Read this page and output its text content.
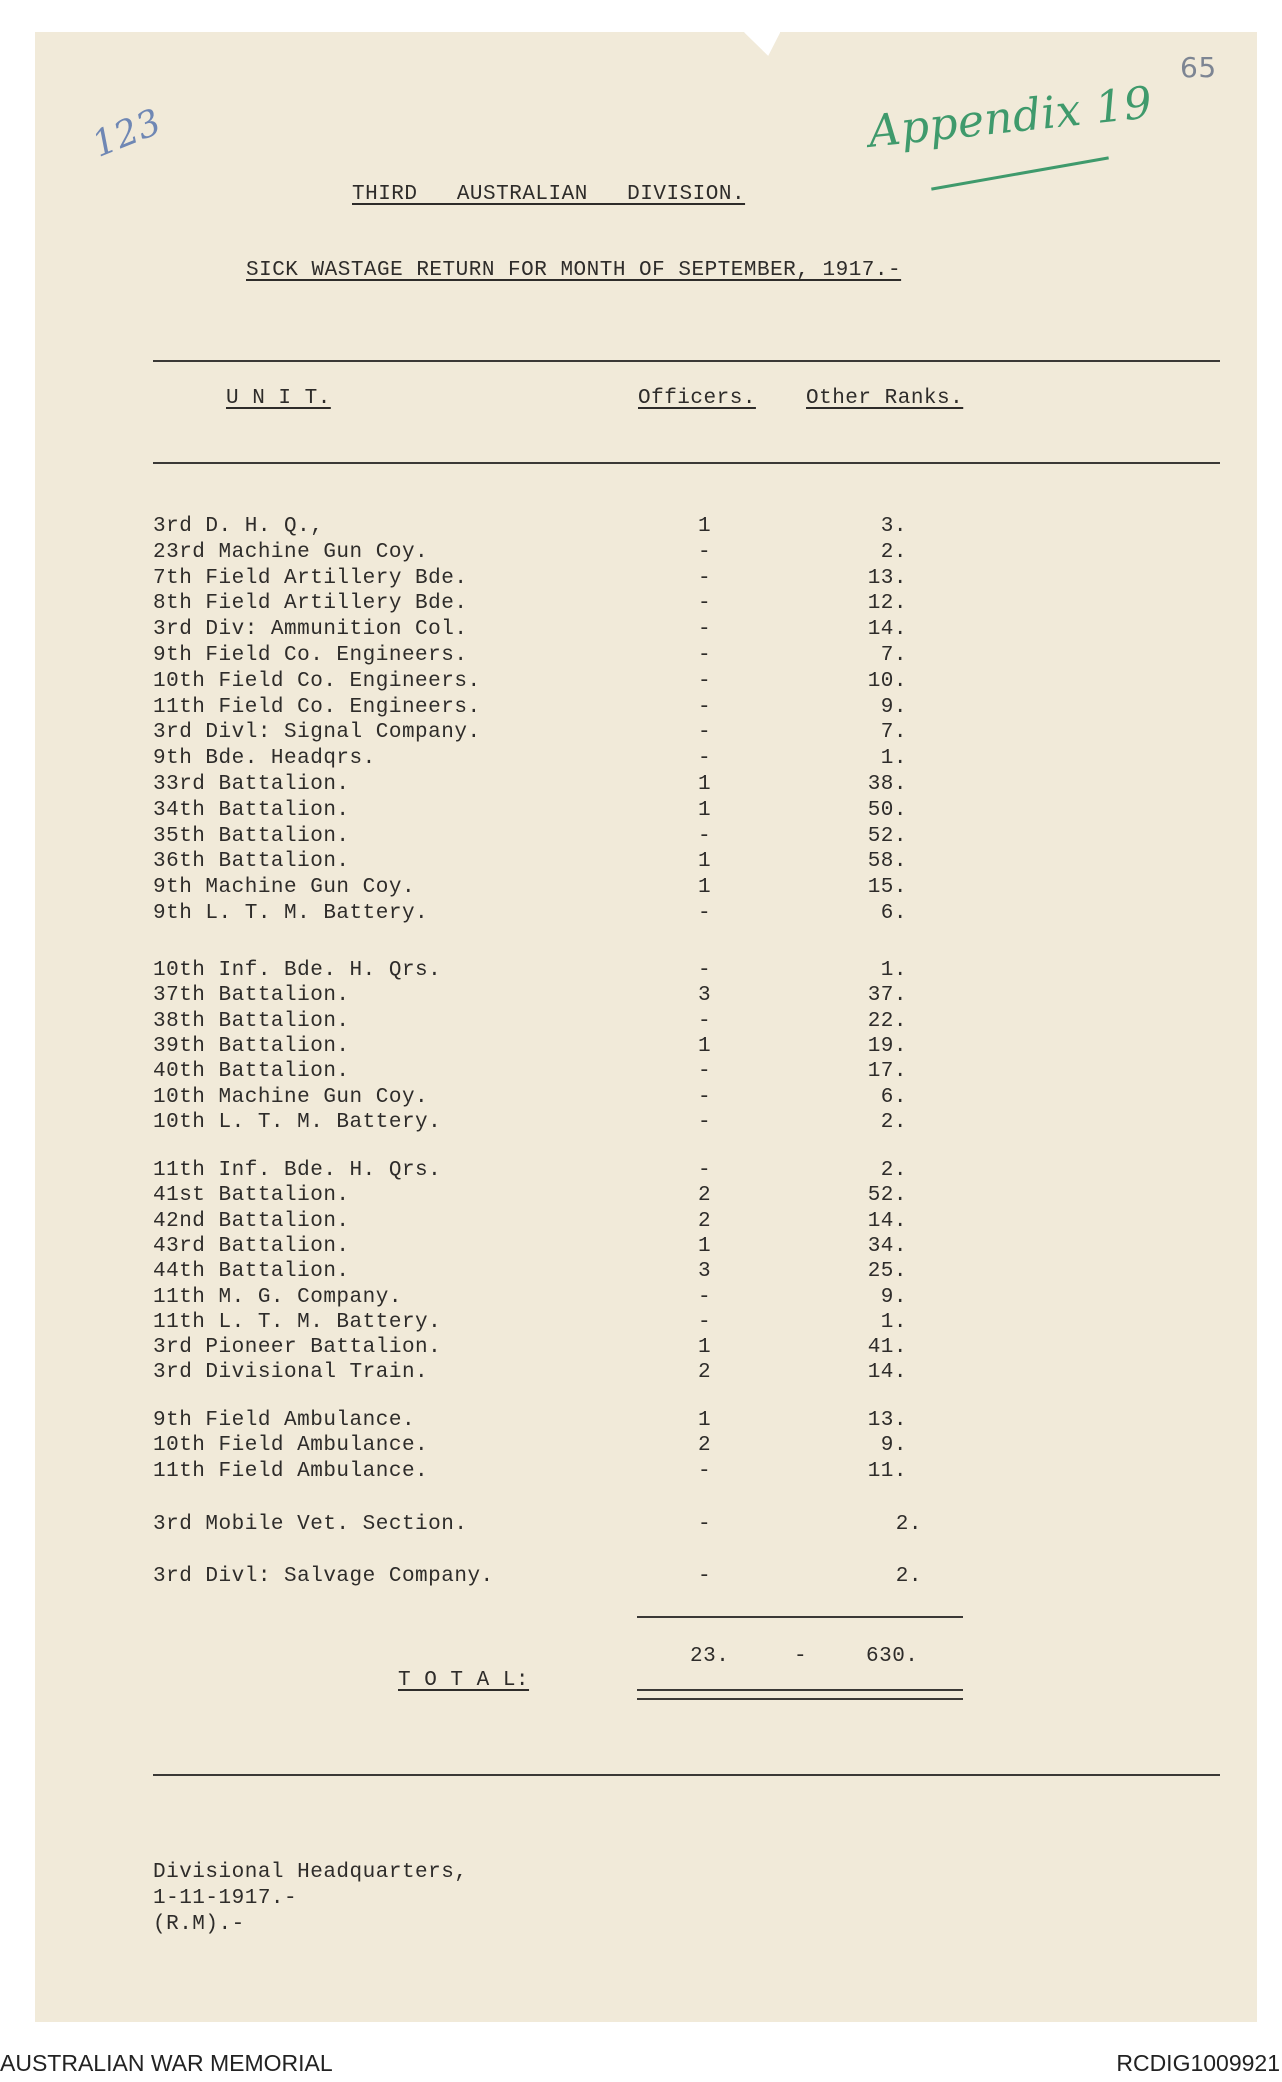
65
123	Appendix 19
THIRD   AUSTRALIAN   DIVISION.
SICK WASTAGE RETURN FOR MONTH OF SEPTEMBER, 1917.-
U N I T.	Officers. Other Ranks.
3rd D. H. Q.,	1	3.
23rd Machine Gun Coy.	-	2.
7th Field Artillery Bde.	-	13.
8th Field Artillery Bde.	-	12.
3rd Div: Ammunition Col.	-	14.
9th Field Co. Engineers.	-	7.
10th Field Co. Engineers.	-	10.
11th Field Co. Engineers.	-	9.
3rd Divl: Signal Company.	-	7.
9th Bde. Headqrs.	-	1.
33rd Battalion.	1	38.
34th Battalion.	1	50.
35th Battalion.	-	52.
36th Battalion.	1	58.
9th Machine Gun Coy.	1	15.
9th L. T. M. Battery.	-	6.
10th Inf. Bde. H. Qrs.	-	1.
37th Battalion.	3	37.
38th Battalion.	-	22.
39th Battalion.	1	19.
40th Battalion.	-	17.
10th Machine Gun Coy.	-	6.
10th L. T. M. Battery.	-	2.
11th Inf. Bde. H. Qrs.	-	2.
41st Battalion.	2	52.
42nd Battalion.	2	14.
43rd Battalion.	1	34.
44th Battalion.	3	25.
11th M. G. Company.	-	9.
11th L. T. M. Battery.	-	1.
3rd Pioneer Battalion.	1	41.
3rd Divisional Train.	2	14.
9th Field Ambulance.	1	13.
10th Field Ambulance.	2	9.
11th Field Ambulance.	-	11.
3rd Mobile Vet. Section.	-	2.
3rd Divl: Salvage Company.	-	2.
T O T A L:
23.	-	630.
Divisional Headquarters,
1-11-1917.-
(R.M).-
AUSTRALIAN WAR MEMORIAL	RCDIG1009921
